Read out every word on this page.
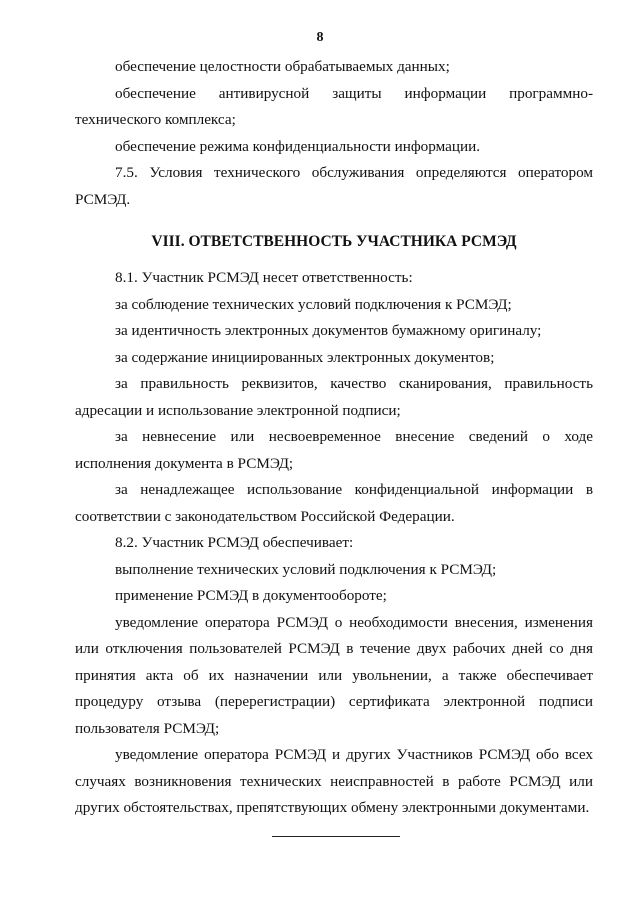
8

обеспечение целостности обрабатываемых данных;

обеспечение антивирусной защиты информации программно-технического комплекса;

обеспечение режима конфиденциальности информации.

7.5. Условия технического обслуживания определяются оператором РСМЭД.

VIII. ОТВЕТСТВЕННОСТЬ УЧАСТНИКА РСМЭД

8.1. Участник РСМЭД несет ответственность:

за соблюдение технических условий подключения к РСМЭД;

за идентичность электронных документов бумажному оригиналу;

за содержание инициированных электронных документов;

за правильность реквизитов, качество сканирования, правильность адресации и использование электронной подписи;

за невнесение или несвоевременное внесение сведений о ходе исполнения документа в РСМЭД;

за ненадлежащее использование конфиденциальной информации в соответствии с законодательством Российской Федерации.

8.2. Участник РСМЭД обеспечивает:

выполнение технических условий подключения к РСМЭД;

применение РСМЭД в документообороте;

уведомление оператора РСМЭД о необходимости внесения, изменения или отключения пользователей РСМЭД в течение двух рабочих дней со дня принятия акта об их назначении или увольнении, а также обеспечивает процедуру отзыва (перерегистрации) сертификата электронной подписи пользователя РСМЭД;

уведомление оператора РСМЭД и других Участников РСМЭД обо всех случаях возникновения технических неисправностей в работе РСМЭД или других обстоятельствах, препятствующих обмену электронными документами.
